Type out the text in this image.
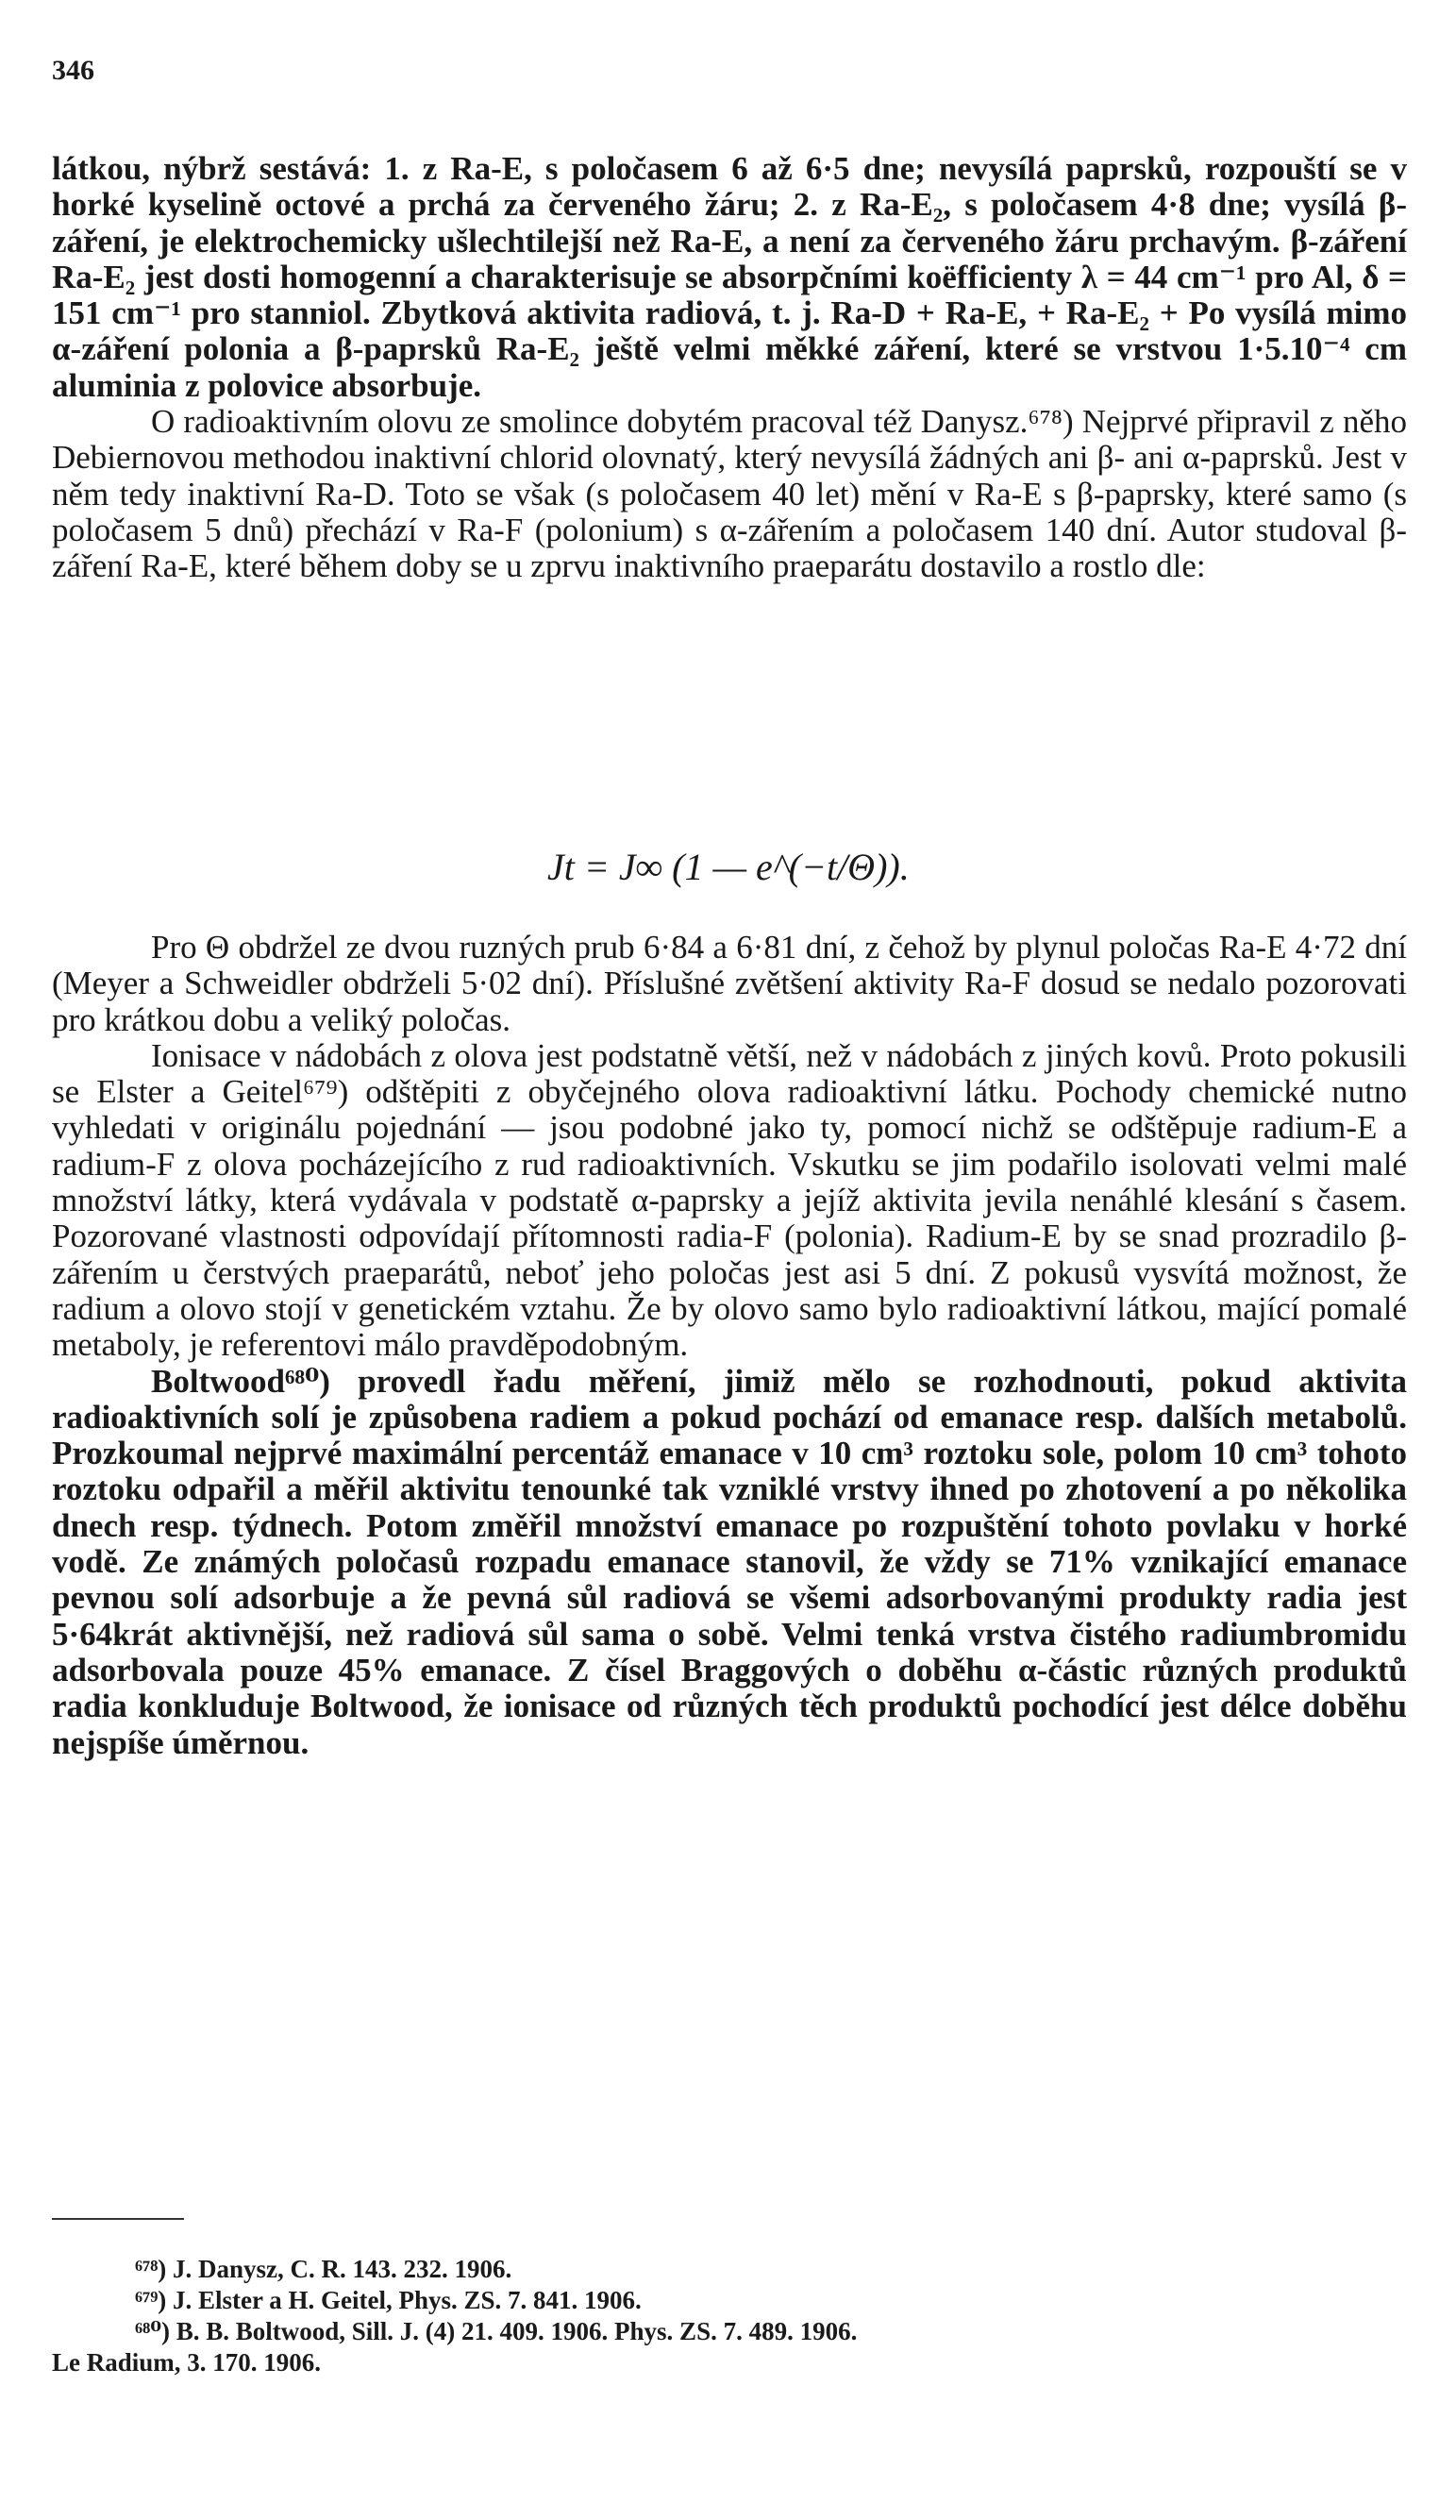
346

látkou, nýbrž sestává: 1. z Ra-E, s poločasem 6 až 6·5 dne; nevysílá paprsků, rozpouští se v horké kyselině octové a prchá za červeného žáru; 2. z Ra-E₂, s poločasem 4·8 dne; vysílá β-záření, je elektrochemicky ušlechtilejší než Ra-E, a není za červeného žáru prchavým. β-záření Ra-E₂ jest dosti homogenní a charakterisuje se absorpčními koëfficienty λ = 44 cm⁻¹ pro Al, δ = 151 cm⁻¹ pro stanniol. Zbytková aktivita radiová, t. j. Ra-D + Ra-E, + Ra-E₂ + Po vysílá mimo α-záření polonia a β-paprsků Ra-E₂ ještě velmi měkké záření, které se vrstvou 1·5.10⁻⁴ cm aluminia z polovice absorbuje.

O radioaktivním olovu ze smolince dobytém pracoval též Danysz.⁶⁷⁸) Nejprvé připravil z něho Debiernovou methodou inaktivní chlorid olovnatý, který nevysílá žádných ani β- ani α-paprsků. Jest v něm tedy inaktivní Ra-D. Toto se však (s poločasem 40 let) mění v Ra-E s β-paprsky, které samo (s poločasem 5 dnů) přechází v Ra-F (polonium) s α-zářením a poločasem 140 dní. Autor studoval β-záření Ra-E, které během doby se u zprvu inaktivního praeparátu dostavilo a rostlo dle:

Jt = J∞ (1 — e^(−t/Θ)).

Pro Θ obdržel ze dvou ruzných prub 6·84 a 6·81 dní, z čehož by plynul poločas Ra-E 4·72 dní (Meyer a Schweidler obdrželi 5·02 dní). Příslušné zvětšení aktivity Ra-F dosud se nedalo pozorovati pro krátkou dobu a veliký poločas.

Ionisace v nádobách z olova jest podstatně větší, než v nádobách z jiných kovů. Proto pokusili se Elster a Geitel⁶⁷⁹) odštěpiti z obyčejného olova radioaktivní látku. Pochody chemické nutno vyhledati v originálu pojednání — jsou podobné jako ty, pomocí nichž se odštěpuje radium-E a radium-F z olova pocházejícího z rud radioaktivních. Vskutku se jim podařilo isolovati velmi malé množství látky, která vydávala v podstatě α-paprsky a jejíž aktivita jevila nenáhlé klesání s časem. Pozorované vlastnosti odpovídají přítomnosti radia-F (polonia). Radium-E by se snad prozradilo β-zářením u čerstvých praeparátů, neboť jeho poločas jest asi 5 dní. Z pokusů vysvítá možnost, že radium a olovo stojí v genetickém vztahu. Že by olovo samo bylo radioaktivní látkou, mající pomalé metaboly, je referentovi málo pravděpodobným.

Boltwood⁶⁸⁰) provedl řadu měření, jimiž mělo se rozhodnouti, pokud aktivita radioaktivních solí je způsobena radiem a pokud pochází od emanace resp. dalších metabolů. Prozkoumal nejprvé maximální percentáž emanace v 10 cm³ roztoku sole, polom 10 cm³ tohoto roztoku odpařil a měřil aktivitu tenounké tak vzniklé vrstvy ihned po zhotovení a po několika dnech resp. týdnech. Potom změřil množství emanace po rozpuštění tohoto povlaku v horké vodě. Ze známých poločasů rozpadu emanace stanovil, že vždy se 71% vznikající emanace pevnou solí adsorbuje a že pevná sůl radiová se všemi adsorbovanými produkty radia jest 5·64krát aktivnější, než radiová sůl sama o sobě. Velmi tenká vrstva čistého radiumbromidu adsorbovala pouze 45% emanace. Z čísel Braggových o doběhu α-částic různých produktů radia konkluduje Boltwood, že ionisace od různých těch produktů pochodící jest délce doběhu nejspíše úměrnou.

⁶⁷⁸) J. Danysz, C. R. 143. 232. 1906.

⁶⁷⁹) J. Elster a H. Geitel, Phys. ZS. 7. 841. 1906.

⁶⁸⁰) B. B. Boltwood, Sill. J. (4) 21. 409. 1906. Phys. ZS. 7. 489. 1906.

Le Radium, 3. 170. 1906.
